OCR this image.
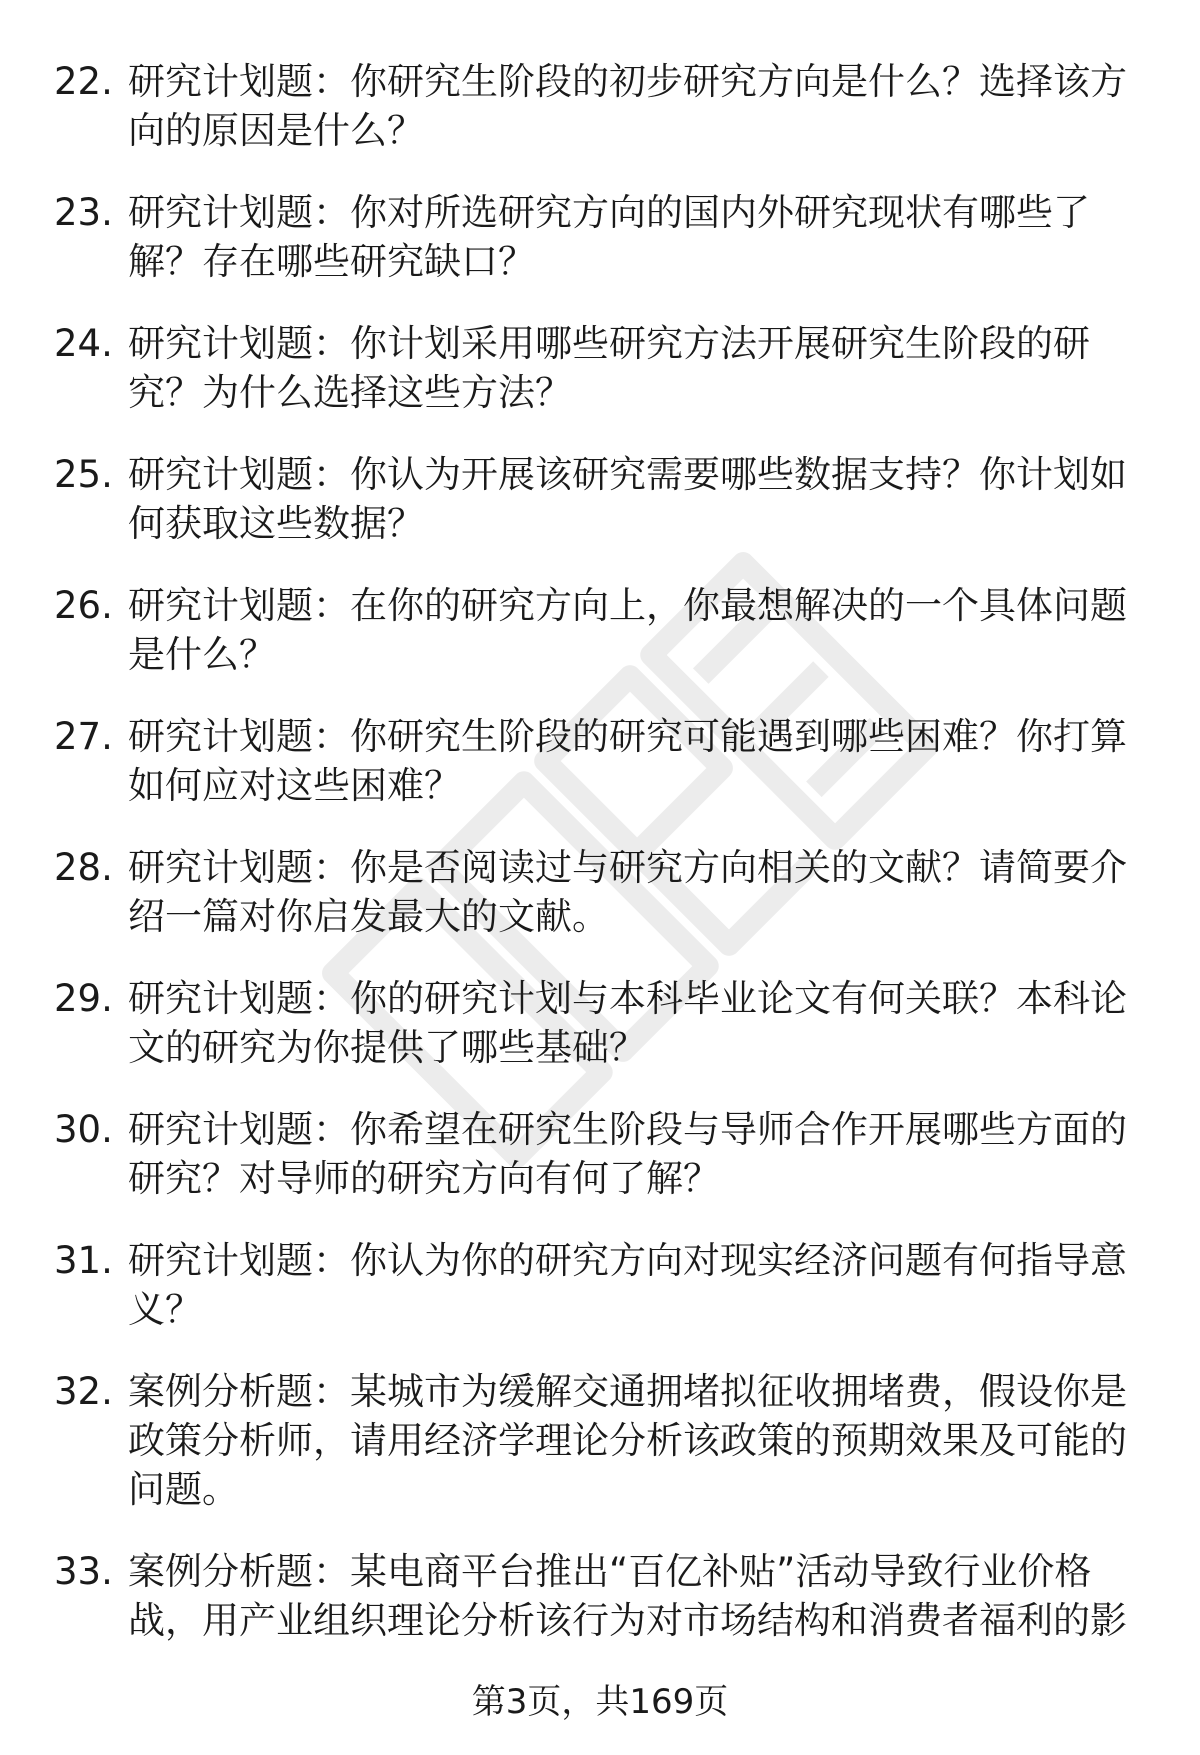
22. 研究计划题：你研究生阶段的初步研究方向是什么？选择该方向的原因是什么？
23. 研究计划题：你对所选研究方向的国内外研究现状有哪些了解？存在哪些研究缺口？
24. 研究计划题：你计划采用哪些研究方法开展研究生阶段的研究？为什么选择这些方法？
25. 研究计划题：你认为开展该研究需要哪些数据支持？你计划如何获取这些数据？
26. 研究计划题：在你的研究方向上，你最想解决的一个具体问题是什么？
27. 研究计划题：你研究生阶段的研究可能遇到哪些困难？你打算如何应对这些困难？
28. 研究计划题：你是否阅读过与研究方向相关的文献？请简要介绍一篇对你启发最大的文献。
29. 研究计划题：你的研究计划与本科毕业论文有何关联？本科论文的研究为你提供了哪些基础？
30. 研究计划题：你希望在研究生阶段与导师合作开展哪些方面的研究？对导师的研究方向有何了解？
31. 研究计划题：你认为你的研究方向对现实经济问题有何指导意义？
32. 案例分析题：某城市为缓解交通拥堵拟征收拥堵费，假设你是政策分析师，请用经济学理论分析该政策的预期效果及可能的问题。
33. 案例分析题：某电商平台推出“百亿补贴”活动导致行业价格战，用产业组织理论分析该行为对市场结构和消费者福利的影
第3页，共169页
